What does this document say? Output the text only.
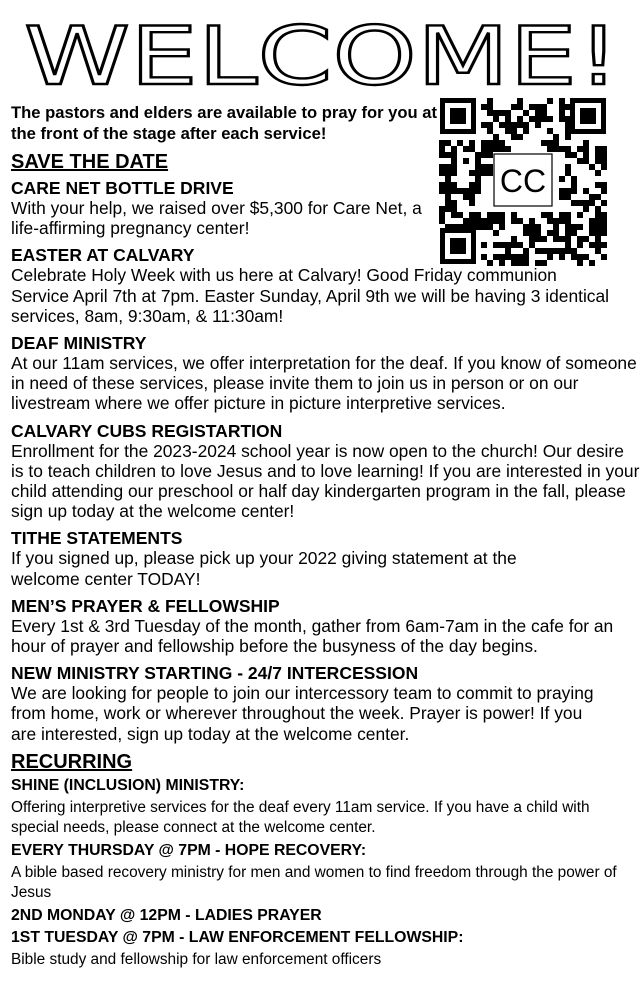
WELCOME!
CC
The pastors and elders are available to pray for you at the front of the stage after each service!
SAVE THE DATE
CARE NET BOTTLE DRIVE
With your help, we raised over $5,300 for Care Net, a life-affirming pregnancy center!
EASTER AT CALVARY
Celebrate Holy Week with us here at Calvary! Good Friday communion Service April 7th at 7pm. Easter Sunday, April 9th we will be having 3 identical services, 8am, 9:30am, & 11:30am!
DEAF MINISTRY
At our 11am services, we offer interpretation for the deaf. If you know of someone in need of these services, please invite them to join us in person or on our livestream where we offer picture in picture interpretive services.
CALVARY CUBS REGISTARTION
Enrollment for the 2023-2024 school year is now open to the church! Our desire is to teach children to love Jesus and to love learning! If you are interested in your child attending our preschool or half day kindergarten program in the fall, please sign up today at the welcome center!
TITHE STATEMENTS
If you signed up, please pick up your 2022 giving statement at the welcome center TODAY!
MEN’S PRAYER & FELLOWSHIP
Every 1st & 3rd Tuesday of the month, gather from 6am-7am in the cafe for an hour of prayer and fellowship before the busyness of the day begins.
NEW MINISTRY STARTING - 24/7 INTERCESSION
We are looking for people to join our intercessory team to commit to praying from home, work or wherever throughout the week. Prayer is power! If you are interested, sign up today at the welcome center.
RECURRING
SHINE (INCLUSION) MINISTRY:
Offering interpretive services for the deaf every 11am service. If you have a child with special needs, please connect at the welcome center.
EVERY THURSDAY @ 7PM - HOPE RECOVERY:
A bible based recovery ministry for men and women to find freedom through the power of Jesus
2ND MONDAY @ 12PM - LADIES PRAYER
1ST TUESDAY @ 7PM - LAW ENFORCEMENT FELLOWSHIP:
Bible study and fellowship for law enforcement officers
